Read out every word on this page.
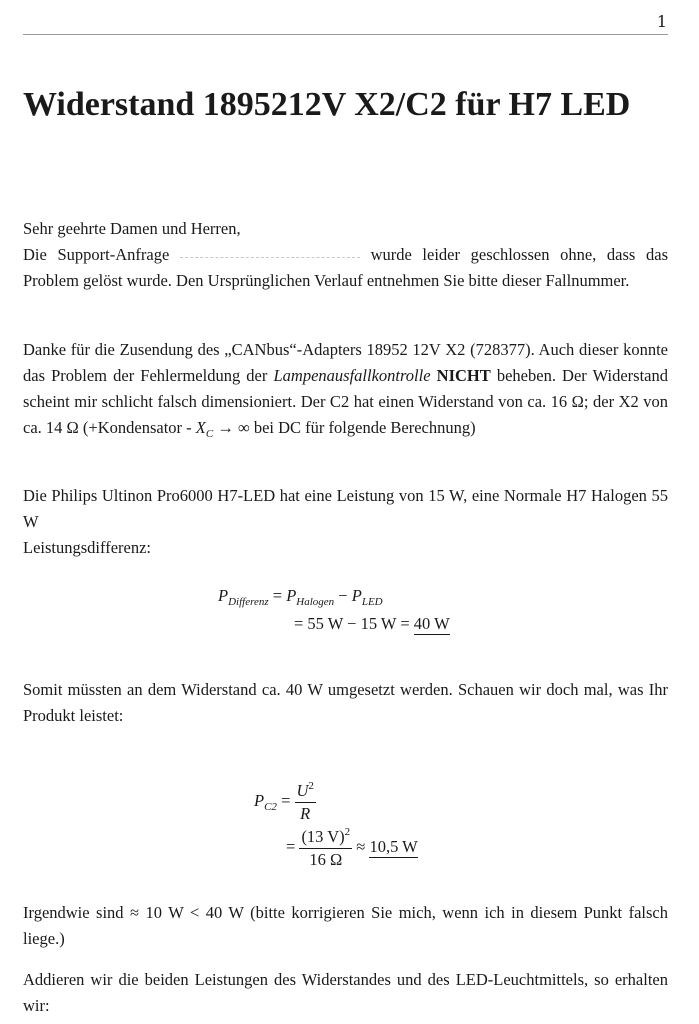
1
Widerstand 1895212V X2/C2 für H7 LED
Sehr geehrte Damen und Herren,
Die Support-Anfrage	wurde leider geschlossen ohne, dass das Problem gelöst wurde. Den Ursprünglichen Verlauf entnehmen Sie bitte dieser Fallnummer.
Danke für die Zusendung des „CANbus“-Adapters 18952 12V X2 (728377). Auch dieser konnte das Problem der Fehlermeldung der Lampenausfallkontrolle NICHT beheben. Der Widerstand scheint mir schlicht falsch dimensioniert. Der C2 hat einen Widerstand von ca. 16 Ω; der X2 von ca. 14 Ω (+Kondensator - $X_C$ → ∞ bei DC für folgende Berechnung)
Die Philips Ultinon Pro6000 H7-LED hat eine Leistung von 15 W, eine Normale H7 Halogen 55 W
Leistungsdifferenz:
$P_{Differenz} = P_{Halogen} - P_{LED}$
= 55 W − 15 W = 40 W
Somit müssten an dem Widerstand ca. 40 W umgesetzt werden. Schauen wir doch mal, was Ihr Produkt leistet:
$P_{C2} = \frac{U^2}{R}$
= $\frac{(13 V)^2}{16 \Omega} \approx 10,5$ W
Irgendwie sind ≈ 10 W < 40 W (bitte korrigieren Sie mich, wenn ich in diesem Punkt falsch liege.)
Addieren wir die beiden Leistungen des Widerstandes und des LED-Leuchtmittels, so erhalten wir:
